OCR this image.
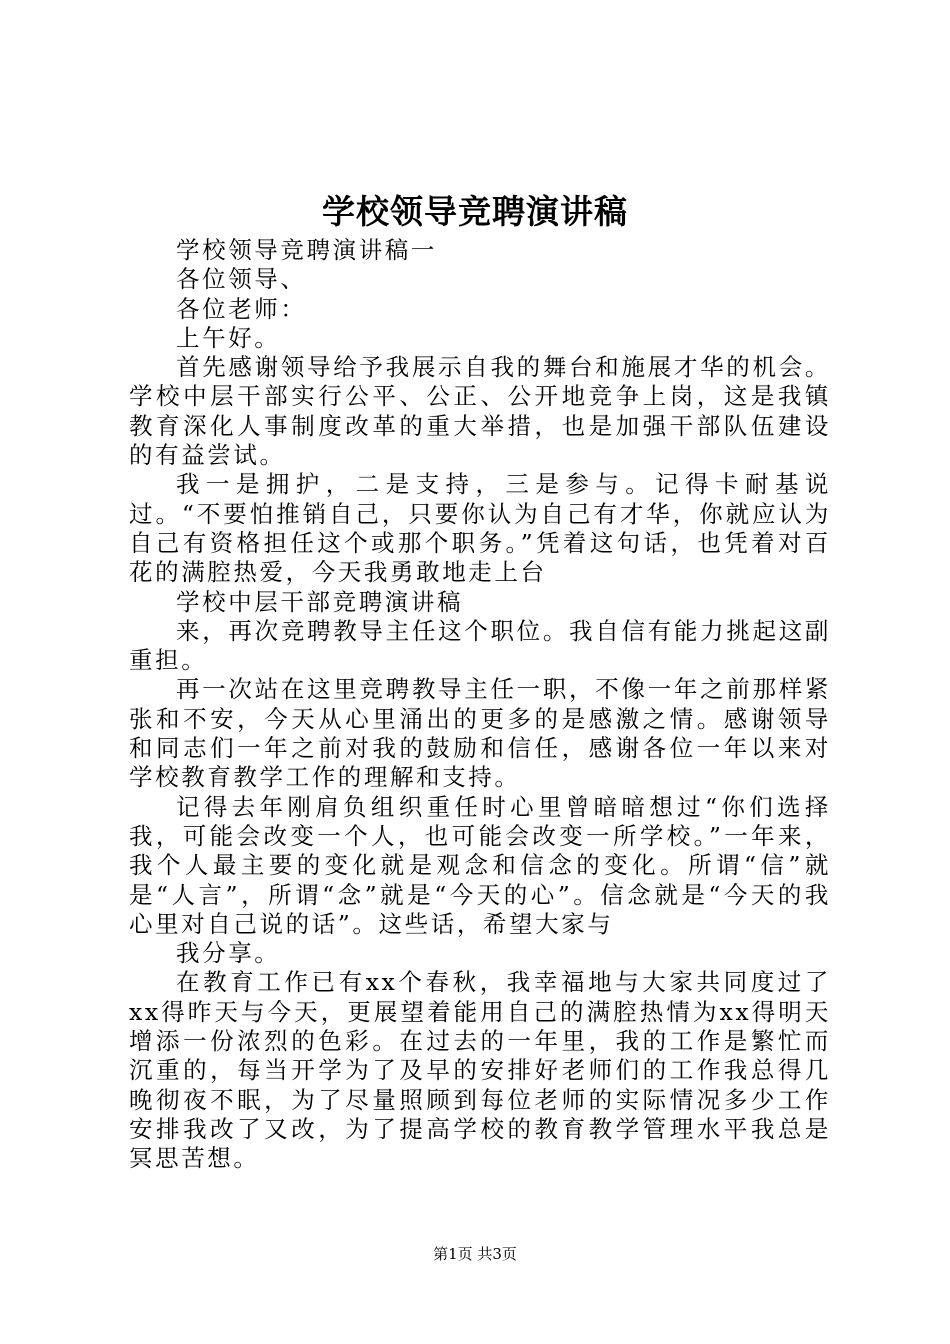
学校领导竞聘演讲稿

学校领导竞聘演讲稿一

各位领导、

各位老师：

上午好。

首先感谢领导给予我展示自我的舞台和施展才华的机会。学校中层干部实行公平、公正、公开地竞争上岗，这是我镇教育深化人事制度改革的重大举措，也是加强干部队伍建设的有益尝试。

我一是拥护，二是支持，三是参与。记得卡耐基说过。“不要怕推销自己，只要你认为自己有才华，你就应认为自己有资格担任这个或那个职务。”凭着这句话，也凭着对百花的满腔热爱，今天我勇敢地走上台

学校中层干部竞聘演讲稿

来，再次竞聘教导主任这个职位。我自信有能力挑起这副重担。

再一次站在这里竞聘教导主任一职，不像一年之前那样紧张和不安，今天从心里涌出的更多的是感激之情。感谢领导和同志们一年之前对我的鼓励和信任，感谢各位一年以来对学校教育教学工作的理解和支持。

记得去年刚肩负组织重任时心里曾暗暗想过“你们选择我，可能会改变一个人，也可能会改变一所学校。”一年来，我个人最主要的变化就是观念和信念的变化。所谓“信”就是“人言”，所谓“念”就是“今天的心”。信念就是“今天的我心里对自己说的话”。这些话，希望大家与

我分享。

在教育工作已有xx个春秋，我幸福地与大家共同度过了xx得昨天与今天，更展望着能用自己的满腔热情为xx得明天增添一份浓烈的色彩。在过去的一年里，我的工作是繁忙而沉重的，每当开学为了及早的安排好老师们的工作我总得几晚彻夜不眠，为了尽量照顾到每位老师的实际情况多少工作安排我改了又改，为了提高学校的教育教学管理水平我总是冥思苦想。

第1页 共3页
